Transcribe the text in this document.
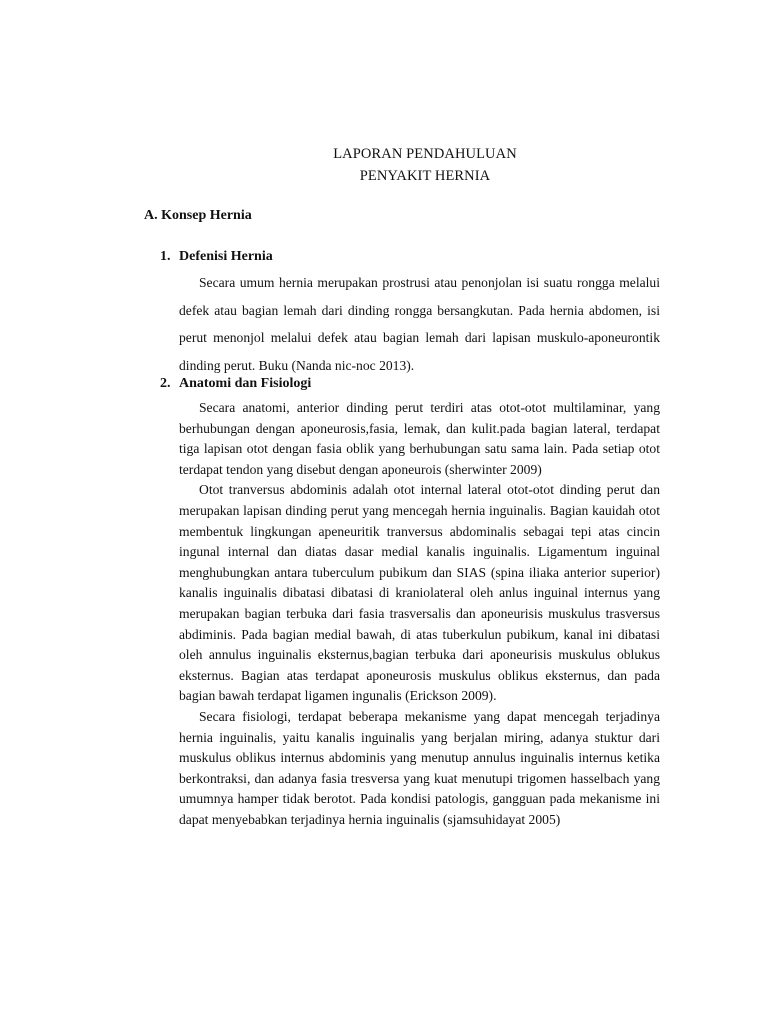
LAPORAN PENDAHULUAN
PENYAKIT HERNIA
A. Konsep Hernia
1. Defenisi Hernia

Secara umum hernia merupakan prostrusi atau penonjolan isi suatu rongga melalui defek atau bagian lemah dari dinding rongga bersangkutan. Pada hernia abdomen, isi perut menonjol melalui defek atau bagian lemah dari lapisan muskulo-aponeurontik dinding perut. Buku (Nanda nic-noc 2013).

2. Anatomi dan Fisiologi

Secara anatomi, anterior dinding perut terdiri atas otot-otot multilaminar, yang berhubungan dengan aponeurosis,fasia, lemak, dan kulit.pada bagian lateral, terdapat tiga lapisan otot dengan fasia oblik yang berhubungan satu sama lain. Pada setiap otot terdapat tendon yang disebut dengan aponeurois (sherwinter 2009)

Otot tranversus abdominis adalah otot internal lateral otot-otot dinding perut dan merupakan lapisan dinding perut yang mencegah hernia inguinalis. Bagian kauidah otot membentuk lingkungan apeneuritik tranversus abdominalis sebagai tepi atas cincin ingunal internal dan diatas dasar medial kanalis inguinalis. Ligamentum inguinal menghubungkan antara tuberculum pubikum dan SIAS (spina iliaka anterior superior) kanalis inguinalis dibatasi dibatasi di kraniolateral oleh anlus inguinal internus yang merupakan bagian terbuka dari fasia trasversalis dan aponeurisis muskulus trasversus abdiminis. Pada bagian medial bawah, di atas tuberkulun pubikum, kanal ini dibatasi oleh annulus inguinalis eksternus,bagian terbuka dari aponeurisis muskulus oblukus eksternus. Bagian atas terdapat aponeurosis muskulus oblikus eksternus, dan pada bagian bawah terdapat ligamen ingunalis (Erickson 2009).

Secara fisiologi, terdapat beberapa mekanisme yang dapat mencegah terjadinya hernia inguinalis, yaitu kanalis inguinalis yang berjalan miring, adanya stuktur dari muskulus oblikus internus abdominis yang menutup annulus inguinalis internus ketika berkontraksi, dan adanya fasia tresversa yang kuat menutupi trigomen hasselbach yang umumnya hamper tidak berotot. Pada kondisi patologis, gangguan pada mekanisme ini dapat menyebabkan terjadinya hernia inguinalis (sjamsuhidayat 2005)
